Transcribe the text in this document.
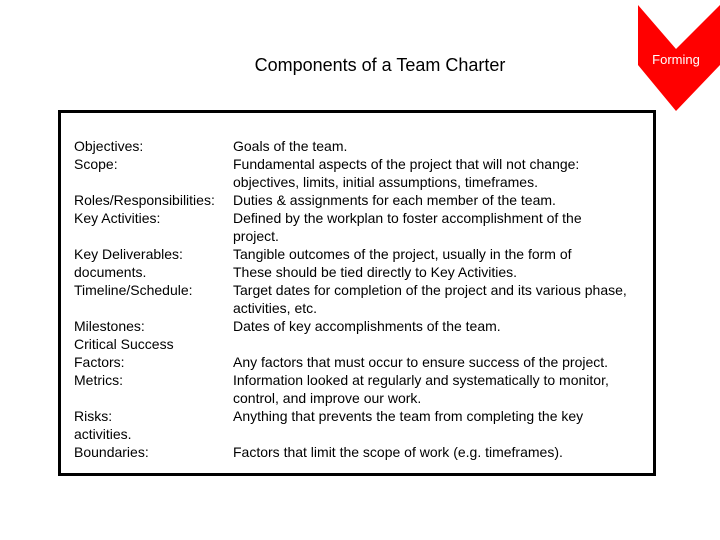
Components of a Team Charter	Forming
Objectives:
Scope:
Roles/Responsibilities:
Key Activities:
Key Deliverables:
documents.
Timeline/Schedule:
Milestones:
Critical Success
Factors:
Metrics:
Risks:
activities.
Boundaries:
Goals of the team.
Fundamental aspects of the project that will not change:
objectives, limits, initial assumptions, timeframes.
Duties & assignments for each member of the team.
Defined by the workplan to foster accomplishment of the
project.
Tangible outcomes of the project, usually in the form of
These should be tied directly to Key Activities.
Target dates for completion of the project and its various phase,
activities, etc.
Dates of key accomplishments of the team.
Any factors that must occur to ensure success of the project.
Information looked at regularly and systematically to monitor,
control, and improve our work.
Anything that prevents the team from completing the key
Factors that limit the scope of work (e.g. timeframes).
